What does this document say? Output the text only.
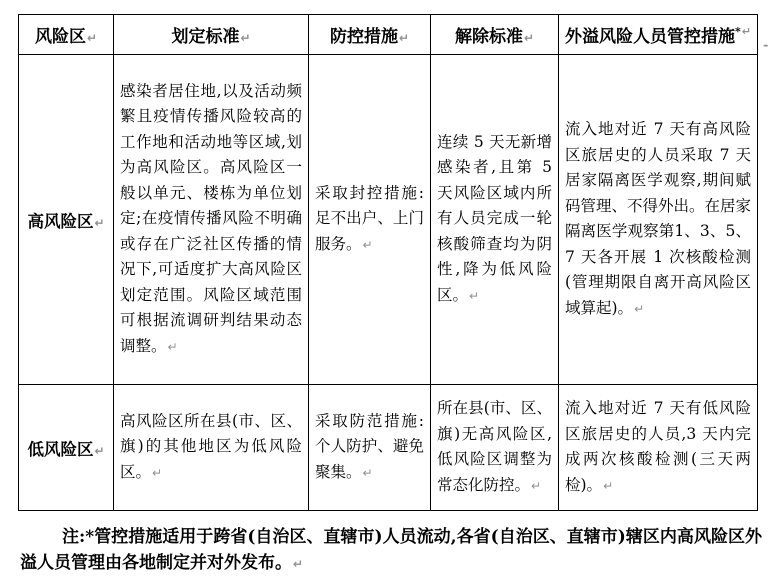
风险区↵	划定标准↵	防控措施↵	解除标准↵	外溢风险人员管控措施*↵
高风险区↵	感染者居住地,以及活动频繁且疫情传播风险较高的工作地和活动地等区域,划为高风险区。高风险区一般以单元、楼栋为单位划定;在疫情传播风险不明确或存在广泛社区传播的情况下,可适度扩大高风险区划定范围。风险区域范围可根据流调研判结果动态调整。↵	采取封控措施:足不出户、上门服务。↵	连续 5 天无新增感染者,且第 5 天风险区域内所有人员完成一轮核酸筛查均为阴性,降为低风险区。↵	流入地对近 7 天有高风险区旅居史的人员采取 7 天居家隔离医学观察,期间赋码管理、不得外出。在居家隔离医学观察第1、3、5、7 天各开展 1 次核酸检测(管理期限自离开高风险区域算起)。↵
低风险区↵	高风险区所在县(市、区、旗)的其他地区为低风险区。↵	采取防范措施:个人防护、避免聚集。↵	所在县(市、区、旗)无高风险区,低风险区调整为常态化防控。↵	流入地对近 7 天有低风险区旅居史的人员,3 天内完成两次核酸检测(三天两检)。↵
-
注:*管控措施适用于跨省(自治区、直辖市)人员流动,各省(自治区、直辖市)辖区内高风险区外溢人员管理由各地制定并对外发布。↵
